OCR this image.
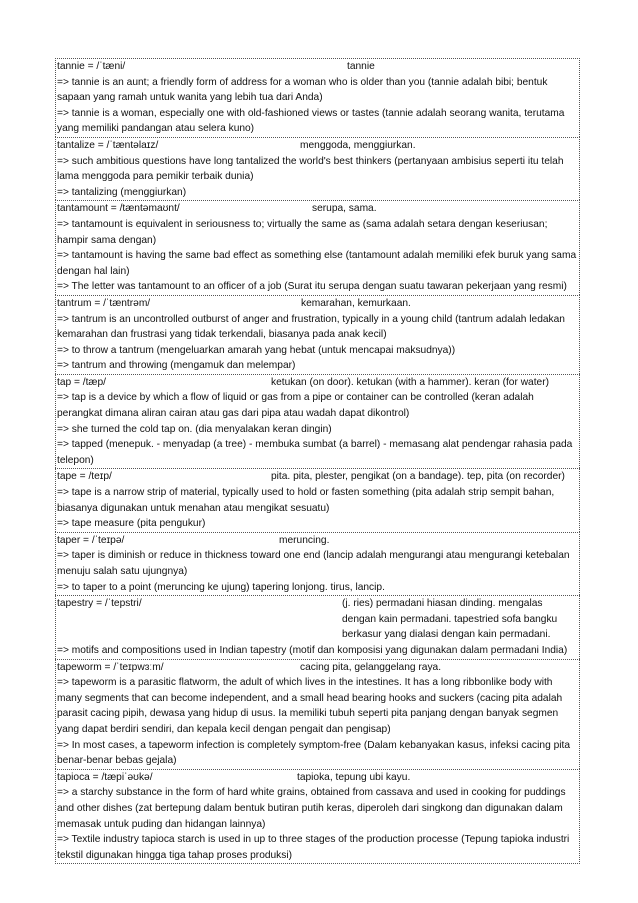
tannie = /ˈtæni/	tannie
=> tannie is an aunt; a friendly form of address for a woman who is older than you (tannie adalah bibi; bentuk sapaan yang ramah untuk wanita yang lebih tua dari Anda)
=> tannie is a woman, especially one with old-fashioned views or tastes (tannie adalah seorang wanita, terutama yang memiliki pandangan atau selera kuno)
tantalize = /ˈtæntəlaɪz/	menggoda, menggiurkan.
=> such ambitious questions have long tantalized the world's best thinkers (pertanyaan ambisius seperti itu telah lama menggoda para pemikir terbaik dunia)
=> tantalizing (menggiurkan)
tantamount = /tæntəmaʊnt/	serupa, sama.
=> tantamount is equivalent in seriousness to; virtually the same as (sama adalah setara dengan keseriusan; hampir sama dengan)
=> tantamount is having the same bad effect as something else (tantamount adalah memiliki efek buruk yang sama dengan hal lain)
=> The letter was tantamount to an officer of a job (Surat itu serupa dengan suatu tawaran pekerjaan yang resmi)
tantrum = /ˈtæntrəm/	kemarahan, kemurkaan.
=> tantrum is an uncontrolled outburst of anger and frustration, typically in a young child (tantrum adalah ledakan kemarahan dan frustrasi yang tidak terkendali, biasanya pada anak kecil)
=> to throw a tantrum (mengeluarkan amarah yang hebat (untuk mencapai maksudnya))
=> tantrum and throwing (mengamuk dan melempar)
tap = /tæp/	ketukan (on door). ketukan (with a hammer). keran (for water)
=> tap is a device by which a flow of liquid or gas from a pipe or container can be controlled (keran adalah perangkat dimana aliran cairan atau gas dari pipa atau wadah dapat dikontrol)
=> she turned the cold tap on. (dia menyalakan keran dingin)
=> tapped (menepuk. - menyadap (a tree) - membuka sumbat (a barrel) - memasang alat pendengar rahasia pada telepon)
tape = /teɪp/	pita. pita, plester, pengikat (on a bandage). tep, pita (on recorder)
=> tape is a narrow strip of material, typically used to hold or fasten something (pita adalah strip sempit bahan, biasanya digunakan untuk menahan atau mengikat sesuatu)
=> tape measure (pita pengukur)
taper = /ˈteɪpə/	meruncing.
=> taper is diminish or reduce in thickness toward one end (lancip adalah mengurangi atau mengurangi ketebalan menuju salah satu ujungnya)
=> to taper to a point (meruncing ke ujung) tapering lonjong. tirus, lancip.
tapestry = /ˈtepstri/	(j. ries) permadani hiasan dinding. mengalas dengan kain permadani. tapestried sofa bangku berkasur yang dialasi dengan kain permadani.
=> motifs and compositions used in Indian tapestry (motif dan komposisi yang digunakan dalam permadani India)
tapeworm = /ˈteɪpwɜːm/	cacing pita, gelanggelang raya.
=> tapeworm is a parasitic flatworm, the adult of which lives in the intestines. It has a long ribbonlike body with many segments that can become independent, and a small head bearing hooks and suckers (cacing pita adalah parasit cacing pipih, dewasa yang hidup di usus. Ia memiliki tubuh seperti pita panjang dengan banyak segmen yang dapat berdiri sendiri, dan kepala kecil dengan pengait dan pengisap)
=> In most cases, a tapeworm infection is completely symptom-free (Dalam kebanyakan kasus, infeksi cacing pita benar-benar bebas gejala)
tapioca = /tæpiˈəʊkə/	tapioka, tepung ubi kayu.
=> a starchy substance in the form of hard white grains, obtained from cassava and used in cooking for puddings and other dishes (zat bertepung dalam bentuk butiran putih keras, diperoleh dari singkong dan digunakan dalam memasak untuk puding dan hidangan lainnya)
=> Textile industry tapioca starch is used in up to three stages of the production processe (Tepung tapioka industri tekstil digunakan hingga tiga tahap proses produksi)
